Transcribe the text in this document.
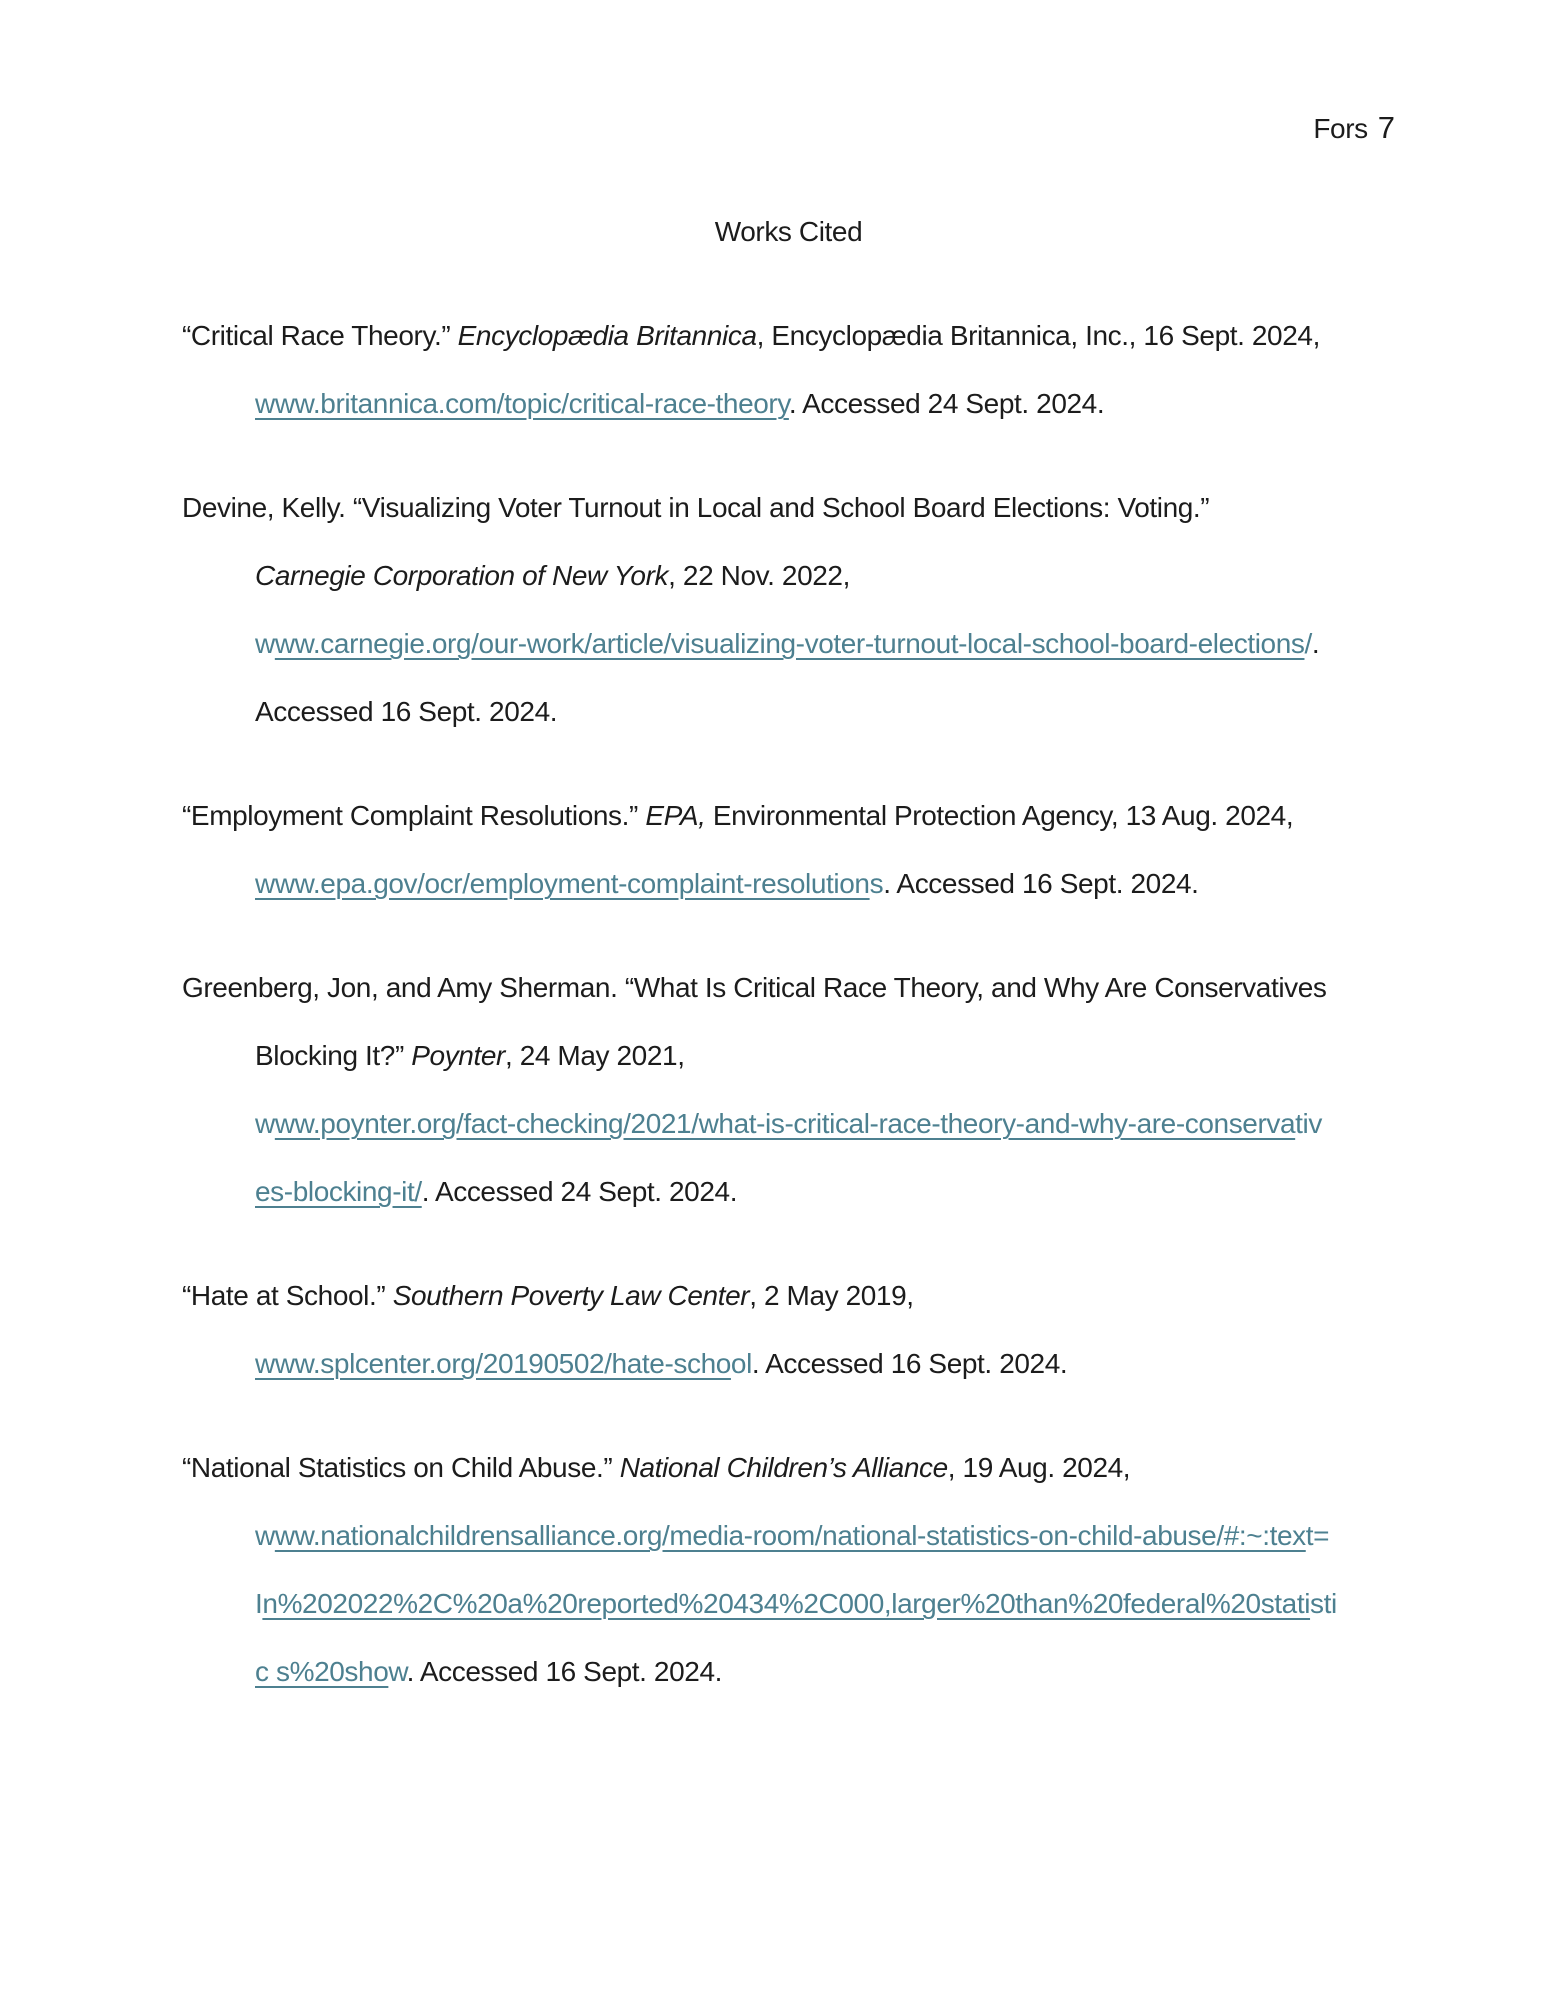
Fors 7
Works Cited
“Critical Race Theory.” Encyclopædia Britannica, Encyclopædia Britannica, Inc., 16 Sept. 2024,
www.britannica.com/topic/critical-race-theory. Accessed 24 Sept. 2024.
Devine, Kelly. “Visualizing Voter Turnout in Local and School Board Elections: Voting.”
Carnegie Corporation of New York, 22 Nov. 2022,
www.carnegie.org/our-work/article/visualizing-voter-turnout-local-school-board-elections/.
Accessed 16 Sept. 2024.
“Employment Complaint Resolutions.” EPA, Environmental Protection Agency, 13 Aug. 2024,
www.epa.gov/ocr/employment-complaint-resolutions. Accessed 16 Sept. 2024.
Greenberg, Jon, and Amy Sherman. “What Is Critical Race Theory, and Why Are Conservatives
Blocking It?” Poynter, 24 May 2021,
www.poynter.org/fact-checking/2021/what-is-critical-race-theory-and-why-are-conservativ
es-blocking-it/. Accessed 24 Sept. 2024.
“Hate at School.” Southern Poverty Law Center, 2 May 2019,
www.splcenter.org/20190502/hate-school. Accessed 16 Sept. 2024.
“National Statistics on Child Abuse.” National Children’s Alliance, 19 Aug. 2024,
www.nationalchildrensalliance.org/media-room/national-statistics-on-child-abuse/#:~:text=
In%202022%2C%20a%20reported%20434%2C000,larger%20than%20federal%20statisti
c s%20show. Accessed 16 Sept. 2024.
